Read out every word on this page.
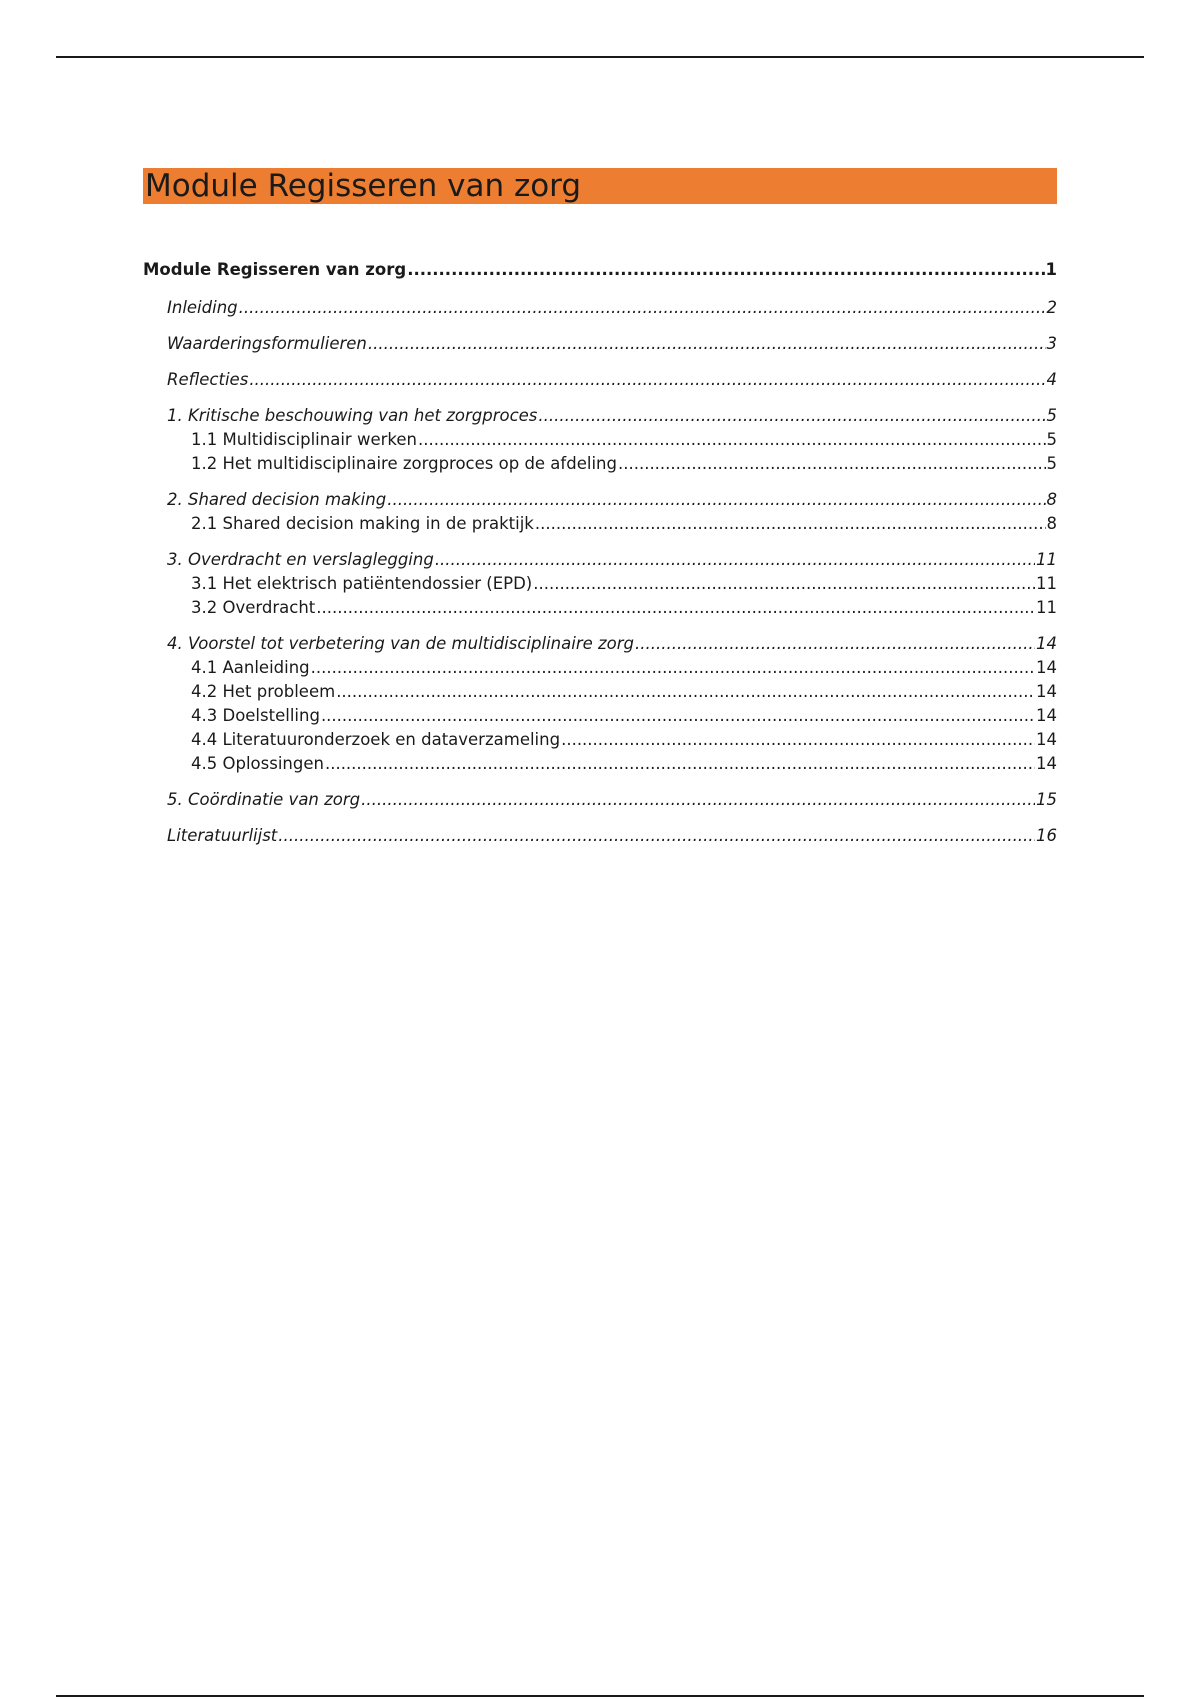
Module Regisseren van zorg
Module Regisseren van zorg .....	1
Inleiding .....	2
Waarderingsformulieren .....	3
Reflecties .....	4
1. Kritische beschouwing van het zorgproces .....	5
1.1 Multidisciplinair werken .....	5
1.2 Het multidisciplinaire zorgproces op de afdeling .....	5
2. Shared decision making .....	8
2.1 Shared decision making in de praktijk .....	8
3. Overdracht en verslaglegging .....	11
3.1 Het elektrisch patiëntendossier (EPD) .....	11
3.2 Overdracht .....	11
4. Voorstel tot verbetering van de multidisciplinaire zorg .....	14
4.1 Aanleiding .....	14
4.2 Het probleem .....	14
4.3 Doelstelling .....	14
4.4 Literatuuronderzoek en dataverzameling .....	14
4.5 Oplossingen .....	14
5. Coördinatie van zorg .....	15
Literatuurlijst .....	16
